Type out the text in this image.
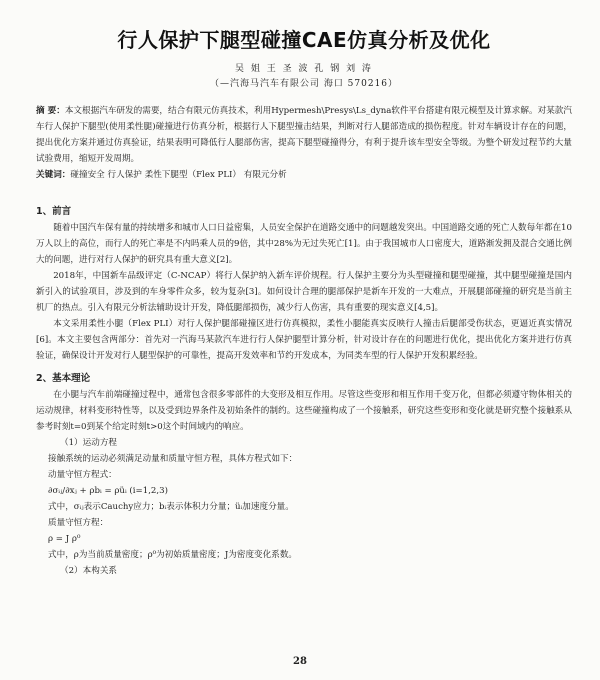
行人保护下腿型碰撞CAE仿真分析及优化
吴 姐 王 圣 波 孔 钢 刘 涛
（—汽海马汽车有限公司 海口 570216）

摘 要：本文根据汽车研发的需要，结合有限元仿真技术，利用Hypermesh\Presys\Ls_dyna软件平台搭建有限元模型及计算求解。对某款汽车行人保护下腿型(使用柔性腿)碰撞进行仿真分析，根据行人下腿型撞击结果，判断对行人腿部造成的损伤程度。针对车辆设计存在的问题，提出优化方案并通过仿真验证，结果表明可降低行人腿部伤害，提高下腿型碰撞得分，有利于提升该车型安全等级。为整个研发过程节约大量试验费用，缩短开发周期。

关键词：碰撞安全 行人保护 柔性下腿型（Flex PLI） 有限元分析

1、前言

随着中国汽车保有量的持续增多和城市人口日益密集，人员安全保护在道路交通中的问题越发突出。中国道路交通的死亡人数每年都在10万人以上的高位，而行人的死亡率是不内吗乘人员的9倍，其中28%为无过失死亡[1]。由于我国城市人口密度大，道路渐发拥及混合交通比例大的问题，进行对行人保护的研究具有重大意义[2]。

2018年，中国新车品级评定（C-NCAP）将行人保护纳入新车评价规程。行人保护主要分为头型碰撞和腿型碰撞，其中腿型碰撞是国内新引入的试验项目，涉及到的车身零件众多，较为复杂[3]。如何设计合理的腿部保护是新车开发的一大难点，开展腿部碰撞的研究是当前主机厂的热点。引入有限元分析法辅助设计开发，降低腿部损伤，减少行人伤害，具有重要的现实意义[4,5]。

本文采用柔性小腿（Flex PLI）对行人保护腿部碰撞区进行仿真模拟，柔性小腿能真实反映行人撞击后腿部受伤状态，更逼近真实情况[6]。本文主要包含两部分：首先对一汽海马某款汽车进行行人保护腿型计算分析，针对设计存在的问题进行优化，提出优化方案并进行仿真验证，确保设计开发对行人腿型保护的可靠性，提高开发效率和节约开发成本，为同类车型的行人保护开发积累经验。

2、基本理论

在小腿与汽车前端碰撞过程中，通常包含很多零部件的大变形及相互作用。尽管这些变形和相互作用千变万化，但都必须遵守物体相关的运动规律，材料变形特性等，以及受到边界条件及初始条件的制约。这些碰撞构成了一个接触系，研究这些变形和变化就是研究整个接触系从参考时刻t=0到某个给定时刻t>0这个时间域内的响应。

（1）运动方程
接触系统的运动必须满足动量和质量守恒方程，具体方程式如下：
动量守恒方程式：
∂σᵢⱼ/∂xⱼ + ρbᵢ = ρüᵢ (i=1,2,3)
式中，σᵢⱼ表示Cauchy应力；bᵢ表示体积力分量；üᵢ加速度分量。
质量守恒方程：
ρ = J ρ⁰
式中，ρ为当前质量密度；ρ⁰为初始质量密度；J为密度变化系数。
（2）本构关系
28
